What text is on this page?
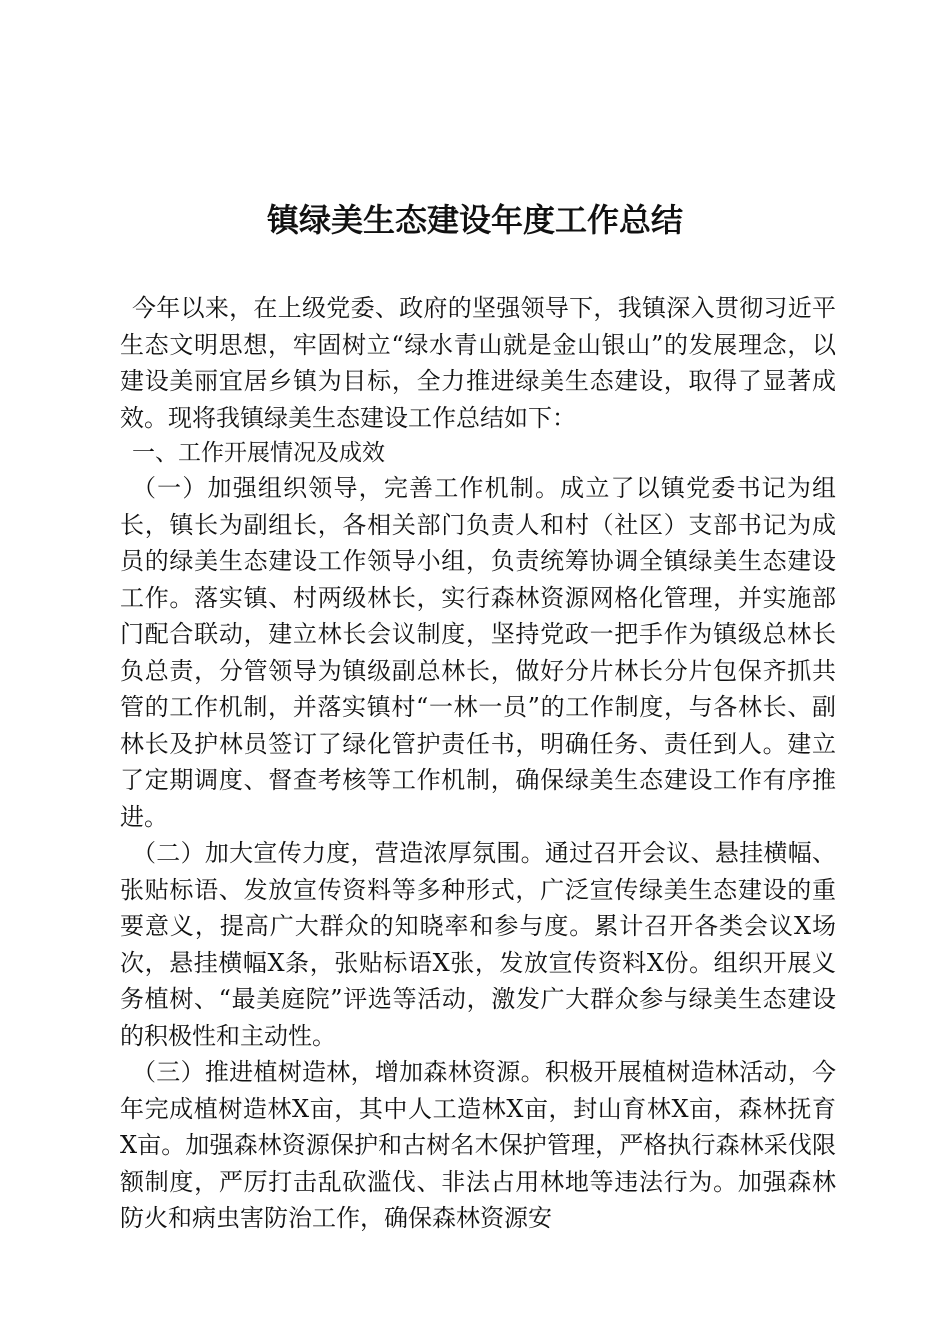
镇绿美生态建设年度工作总结

今年以来，在上级党委、政府的坚强领导下，我镇深入贯彻习近平生态文明思想，牢固树立“绿水青山就是金山银山”的发展理念，以建设美丽宜居乡镇为目标，全力推进绿美生态建设，取得了显著成效。现将我镇绿美生态建设工作总结如下：

一、工作开展情况及成效

（一）加强组织领导，完善工作机制。成立了以镇党委书记为组长，镇长为副组长，各相关部门负责人和村（社区）支部书记为成员的绿美生态建设工作领导小组，负责统筹协调全镇绿美生态建设工作。落实镇、村两级林长，实行森林资源网格化管理，并实施部门配合联动，建立林长会议制度，坚持党政一把手作为镇级总林长负总责，分管领导为镇级副总林长，做好分片林长分片包保齐抓共管的工作机制，并落实镇村“一林一员”的工作制度，与各林长、副林长及护林员签订了绿化管护责任书，明确任务、责任到人。建立了定期调度、督查考核等工作机制，确保绿美生态建设工作有序推进。

（二）加大宣传力度，营造浓厚氛围。通过召开会议、悬挂横幅、张贴标语、发放宣传资料等多种形式，广泛宣传绿美生态建设的重要意义，提高广大群众的知晓率和参与度。累计召开各类会议X场次，悬挂横幅X条，张贴标语X张，发放宣传资料X份。组织开展义务植树、“最美庭院”评选等活动，激发广大群众参与绿美生态建设的积极性和主动性。

（三）推进植树造林，增加森林资源。积极开展植树造林活动，今年完成植树造林X亩，其中人工造林X亩，封山育林X亩，森林抚育X亩。加强森林资源保护和古树名木保护管理，严格执行森林采伐限额制度，严厉打击乱砍滥伐、非法占用林地等违法行为。加强森林防火和病虫害防治工作，确保森林资源安
